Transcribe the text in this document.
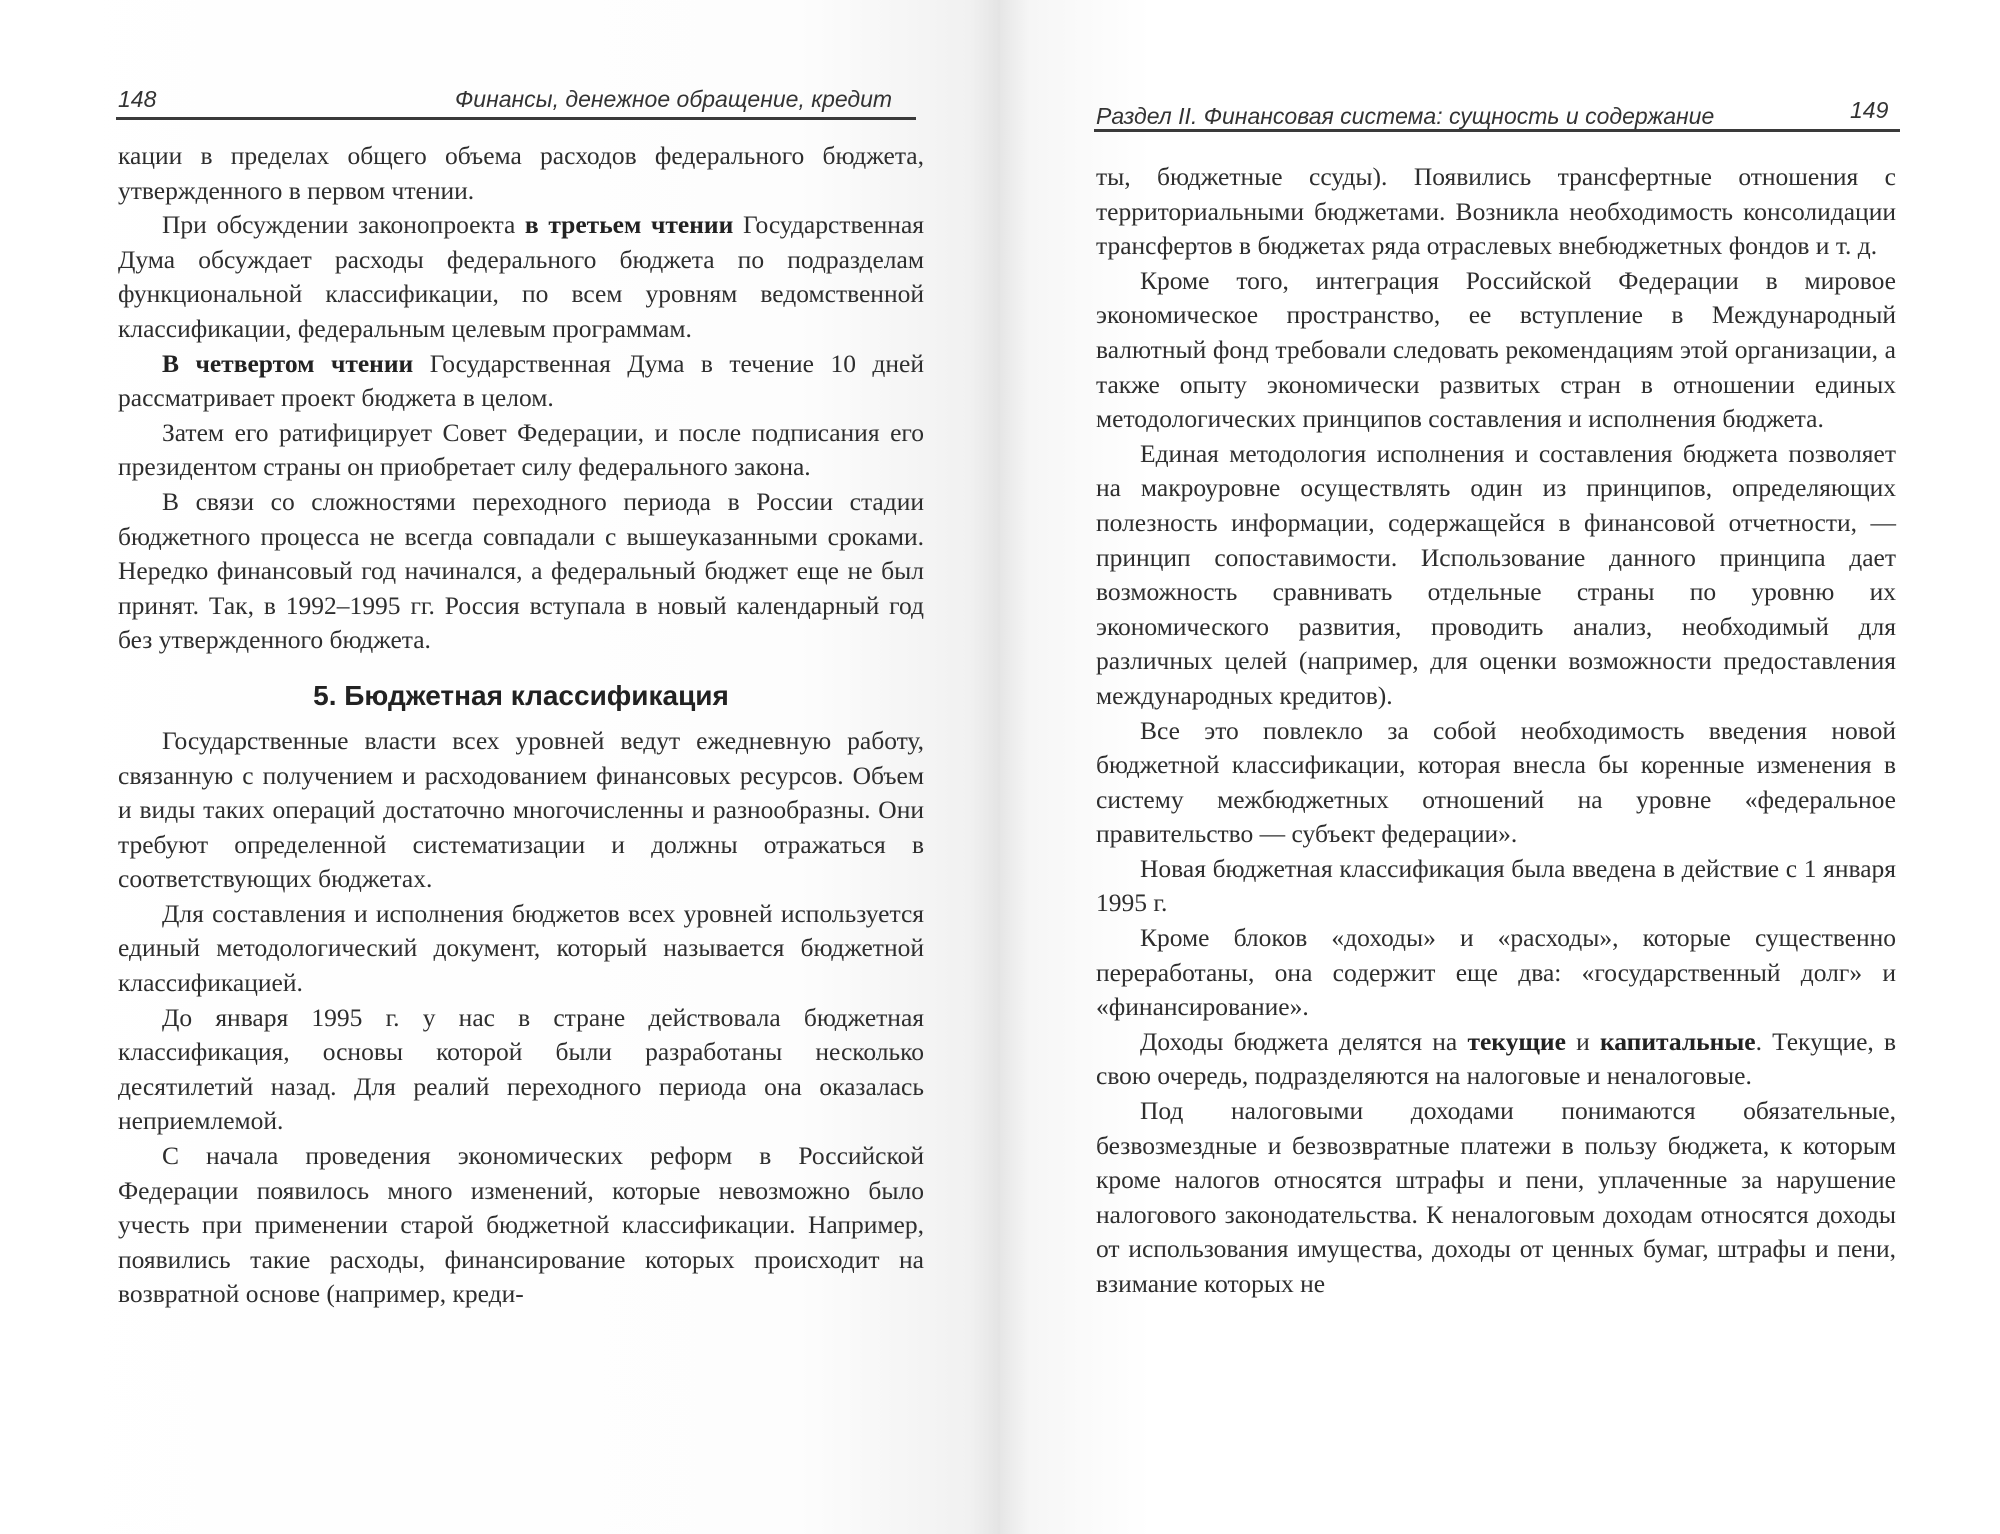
148	Финансы, денежное обращение, кредит

кации в пределах общего объема расходов федерального бюджета, утвержденного в первом чтении.

При обсуждении законопроекта в третьем чтении Государственная Дума обсуждает расходы федерального бюджета по подразделам функциональной классификации, по всем уровням ведомственной классификации, федеральным целевым программам.

В четвертом чтении Государственная Дума в течение 10 дней рассматривает проект бюджета в целом.

Затем его ратифицирует Совет Федерации, и после подписания его президентом страны он приобретает силу федерального закона.

В связи со сложностями переходного периода в России стадии бюджетного процесса не всегда совпадали с вышеуказанными сроками. Нередко финансовый год начинался, а федеральный бюджет еще не был принят. Так, в 1992–1995 гг. Россия вступала в новый календарный год без утвержденного бюджета.

5. Бюджетная классификация

Государственные власти всех уровней ведут ежедневную работу, связанную с получением и расходованием финансовых ресурсов. Объем и виды таких операций достаточно многочисленны и разнообразны. Они требуют определенной систематизации и должны отражаться в соответствующих бюджетах.

Для составления и исполнения бюджетов всех уровней используется единый методологический документ, который называется бюджетной классификацией.

До января 1995 г. у нас в стране действовала бюджетная классификация, основы которой были разработаны несколько десятилетий назад. Для реалий переходного периода она оказалась неприемлемой.

С начала проведения экономических реформ в Российской Федерации появилось много изменений, которые невозможно было учесть при применении старой бюджетной классификации. Например, появились такие расходы, финансирование которых происходит на возвратной основе (например, креди-

Раздел II. Финансовая система: сущность и содержание	149

ты, бюджетные ссуды). Появились трансфертные отношения с территориальными бюджетами. Возникла необходимость консолидации трансфертов в бюджетах ряда отраслевых внебюджетных фондов и т. д.

Кроме того, интеграция Российской Федерации в мировое экономическое пространство, ее вступление в Международный валютный фонд требовали следовать рекомендациям этой организации, а также опыту экономически развитых стран в отношении единых методологических принципов составления и исполнения бюджета.

Единая методология исполнения и составления бюджета позволяет на макроуровне осуществлять один из принципов, определяющих полезность информации, содержащейся в финансовой отчетности, — принцип сопоставимости. Использование данного принципа дает возможность сравнивать отдельные страны по уровню их экономического развития, проводить анализ, необходимый для различных целей (например, для оценки возможности предоставления международных кредитов).

Все это повлекло за собой необходимость введения новой бюджетной классификации, которая внесла бы коренные изменения в систему межбюджетных отношений на уровне «федеральное правительство — субъект федерации».

Новая бюджетная классификация была введена в действие с 1 января 1995 г.

Кроме блоков «доходы» и «расходы», которые существенно переработаны, она содержит еще два: «государственный долг» и «финансирование».

Доходы бюджета делятся на текущие и капитальные. Текущие, в свою очередь, подразделяются на налоговые и неналоговые.

Под налоговыми доходами понимаются обязательные, безвозмездные и безвозвратные платежи в пользу бюджета, к которым кроме налогов относятся штрафы и пени, уплаченные за нарушение налогового законодательства. К неналоговым доходам относятся доходы от использования имущества, доходы от ценных бумаг, штрафы и пени, взимание которых не
